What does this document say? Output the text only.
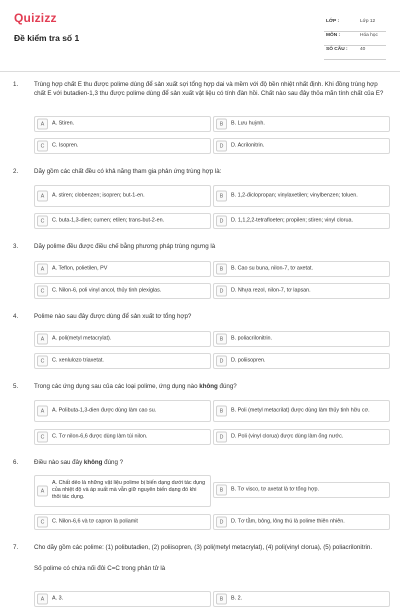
Quizizz
Đề kiểm tra số 1
LỚP :	Lớp 12
MÔN :	Hóa học
SỐ CÂU :	40
1.	Trùng hợp chất E thu được polime dùng để sản xuất sợi tổng hợp dai và mềm với độ bền nhiệt nhất định. Khi đồng trùng hợp chất E với butadien-1,3 thu được polime dùng để sản xuất vật liệu có tính đàn hồi. Chất nào sau đây thỏa mãn tính chất của E?
A	A. Stiren.	B	B. Lưu huỳnh.
C	C. Isopren.	D	D. Acrilonitrin.
2.	Dãy gồm các chất đều có khả năng tham gia phản ứng trùng hợp là:
A	A. stiren; clobenzen; isopren; but-1-en.	B	B. 1,2-điclopropan; vinylaxetilen; vinylbenzen; toluen.
C	C. buta-1,3-dien; cumen; etilen; trans-but-2-en.	D	D. 1,1,2,2-tetrafloeten; propilen; stiren; vinyl clorua.
3.	Dãy polime đều được điều chế bằng phương pháp trùng ngưng là
A	A. Teflon, polietilen, PV	B	B. Cao su buna, nilon-7, tơ axetat.
C	C. Nilon-6, poli vinyl ancol, thủy tinh plexiglas.	D	D. Nhựa rezol, nilon-7, tơ lapsan.
4.	Polime nào sau đây được dùng để sản xuất tơ tổng hợp?
A	A. poli(metyl metacrylat).	B	B. poliacrilonitrin.
C	C. xenlulozo triaxetat.	D	D. poliisopren.
5.	Trong các ứng dụng sau của các loại polime, ứng dụng nào không đúng?
A	A. Polibuta-1,3-dien được dùng làm cao su.	B	B. Poli (metyl metacrilat) được dùng làm thủy tinh hữu cơ.
C	C. Tơ nilon-6,6 được dùng làm túi nilon.	D	D. Poli (vinyl clorua) được dùng làm ống nước.
6.	Điều nào sau đây không đúng ?
A
A. Chất dẻo là những vật liệu polime bị biến dạng dưới tác dụng của nhiệt độ và áp suất mà vẫn giữ nguyên biến dạng đó khi thôi tác dụng.
B	B. Tơ visco, tơ axetat là tơ tổng hợp.
C	C. Nilon-6,6 và tơ capron là poliamit	D	D. Tơ tằm, bông, lông thú là polime thiên nhiên.
7.	Cho dãy gồm các polime: (1) polibutadien, (2) poliisopren, (3) poli(metyl metacrylat), (4) poli(vinyl clorua), (5) poliacrilonitrin.
Số polime có chứa nối đôi C=C trong phân tử là
A	A. 3.	B	B. 2.
